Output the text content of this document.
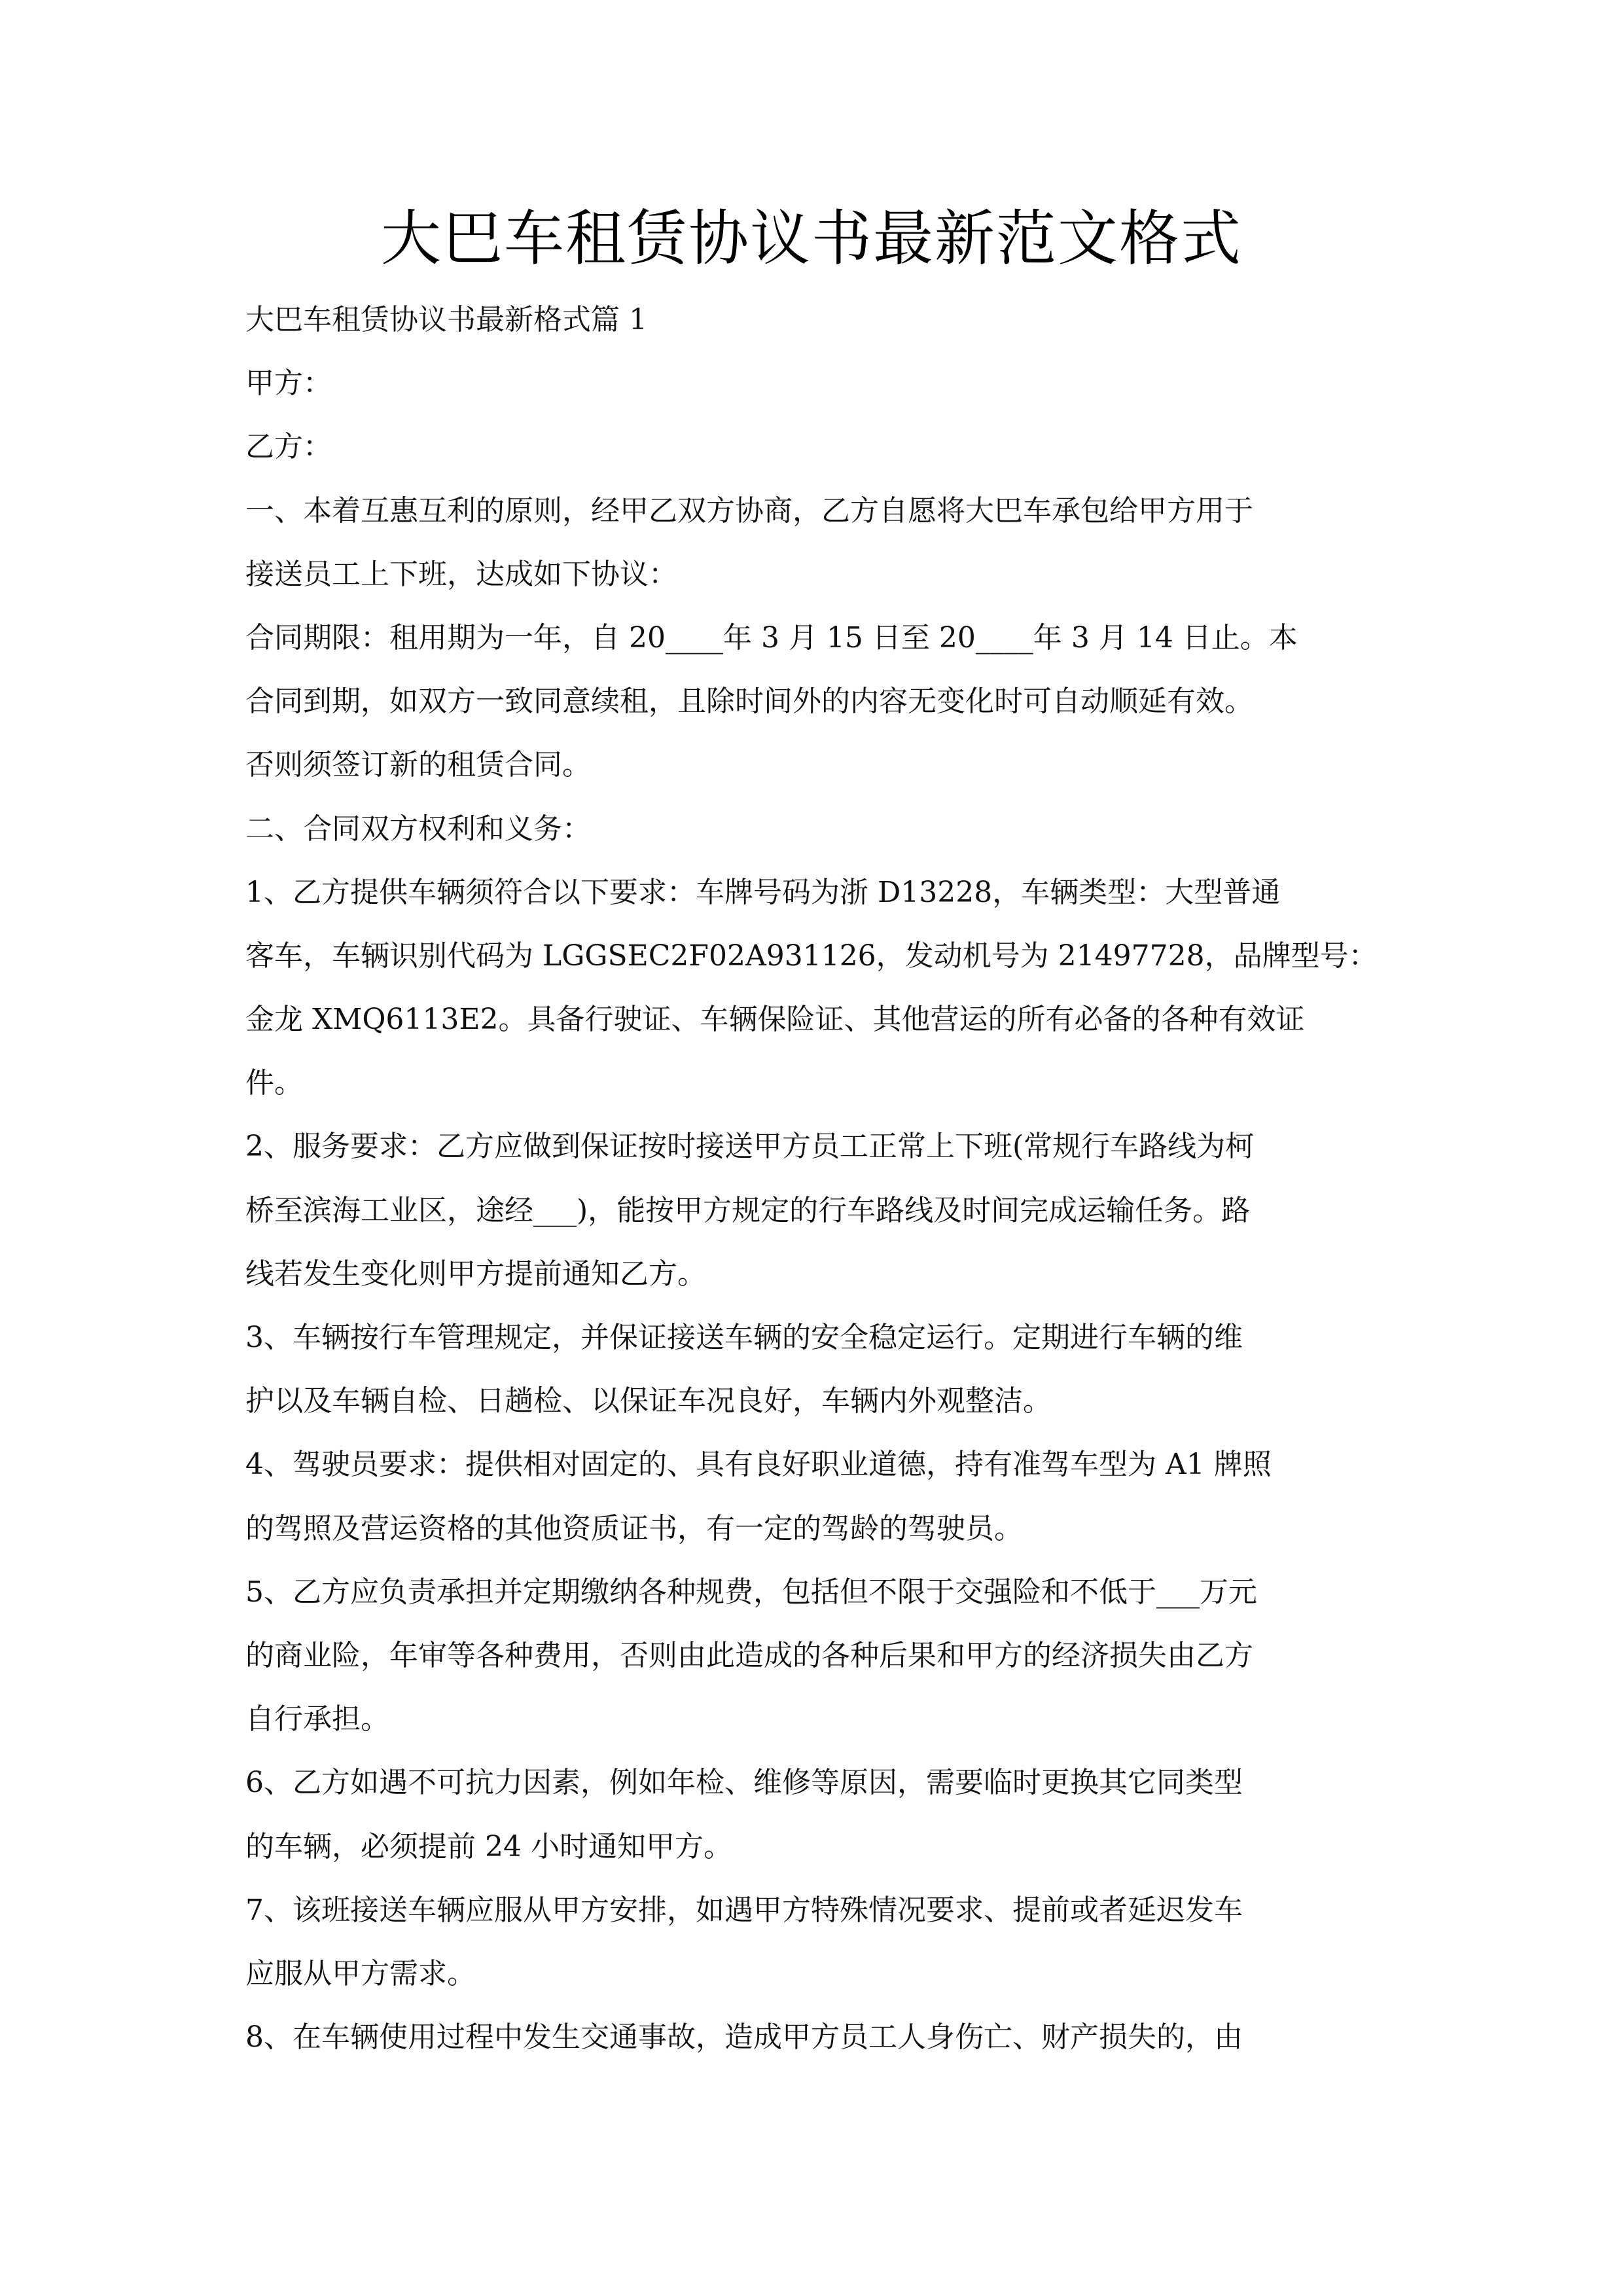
大巴车租赁协议书最新范文格式
大巴车租赁协议书最新格式篇 1
甲方：
乙方：
一、本着互惠互利的原则，经甲乙双方协商，乙方自愿将大巴车承包给甲方用于
接送员工上下班，达成如下协议：
合同期限：租用期为一年，自 20____年 3 月 15 日至 20____年 3 月 14 日止。本
合同到期，如双方一致同意续租，且除时间外的内容无变化时可自动顺延有效。
否则须签订新的租赁合同。
二、合同双方权利和义务：
1、乙方提供车辆须符合以下要求：车牌号码为浙 D13228，车辆类型：大型普通
客车，车辆识别代码为 LGGSEC2F02A931126，发动机号为 21497728，品牌型号：
金龙 XMQ6113E2。具备行驶证、车辆保险证、其他营运的所有必备的各种有效证
件。
2、服务要求：乙方应做到保证按时接送甲方员工正常上下班(常规行车路线为柯
桥至滨海工业区，途经___)，能按甲方规定的行车路线及时间完成运输任务。路
线若发生变化则甲方提前通知乙方。
3、车辆按行车管理规定，并保证接送车辆的安全稳定运行。定期进行车辆的维
护以及车辆自检、日趟检、以保证车况良好，车辆内外观整洁。
4、驾驶员要求：提供相对固定的、具有良好职业道德，持有准驾车型为 A1 牌照
的驾照及营运资格的其他资质证书，有一定的驾龄的驾驶员。
5、乙方应负责承担并定期缴纳各种规费，包括但不限于交强险和不低于___万元
的商业险，年审等各种费用，否则由此造成的各种后果和甲方的经济损失由乙方
自行承担。
6、乙方如遇不可抗力因素，例如年检、维修等原因，需要临时更换其它同类型
的车辆，必须提前 24 小时通知甲方。
7、该班接送车辆应服从甲方安排，如遇甲方特殊情况要求、提前或者延迟发车
应服从甲方需求。
8、在车辆使用过程中发生交通事故，造成甲方员工人身伤亡、财产损失的，由
